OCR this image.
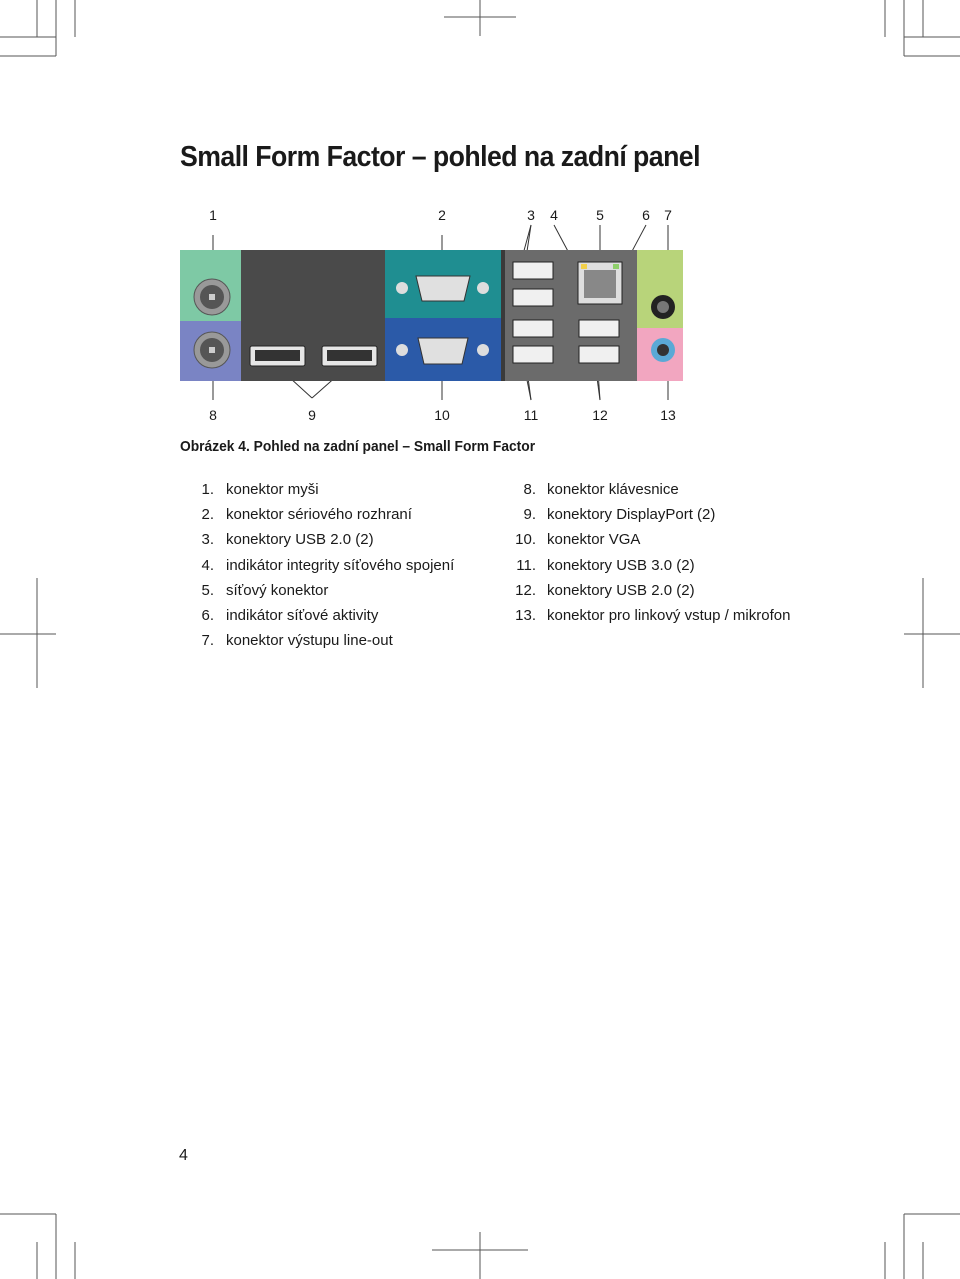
Small Form Factor – pohled na zadní panel
1	2	3 4	5	6 7
8	9	10	11	12	13
Obrázek 4. Pohled na zadní panel – Small Form Factor
1. konektor myši
2. konektor sériového rozhraní
3. konektory USB 2.0 (2)
4. indikátor integrity síťového spojení
5. síťový konektor
6. indikátor síťové aktivity
7. konektor výstupu line-out
8. konektor klávesnice
9. konektory DisplayPort (2)
10. konektor VGA
11. konektory USB 3.0 (2)
12. konektory USB 2.0 (2)
13. konektor pro linkový vstup / mikrofon
4
